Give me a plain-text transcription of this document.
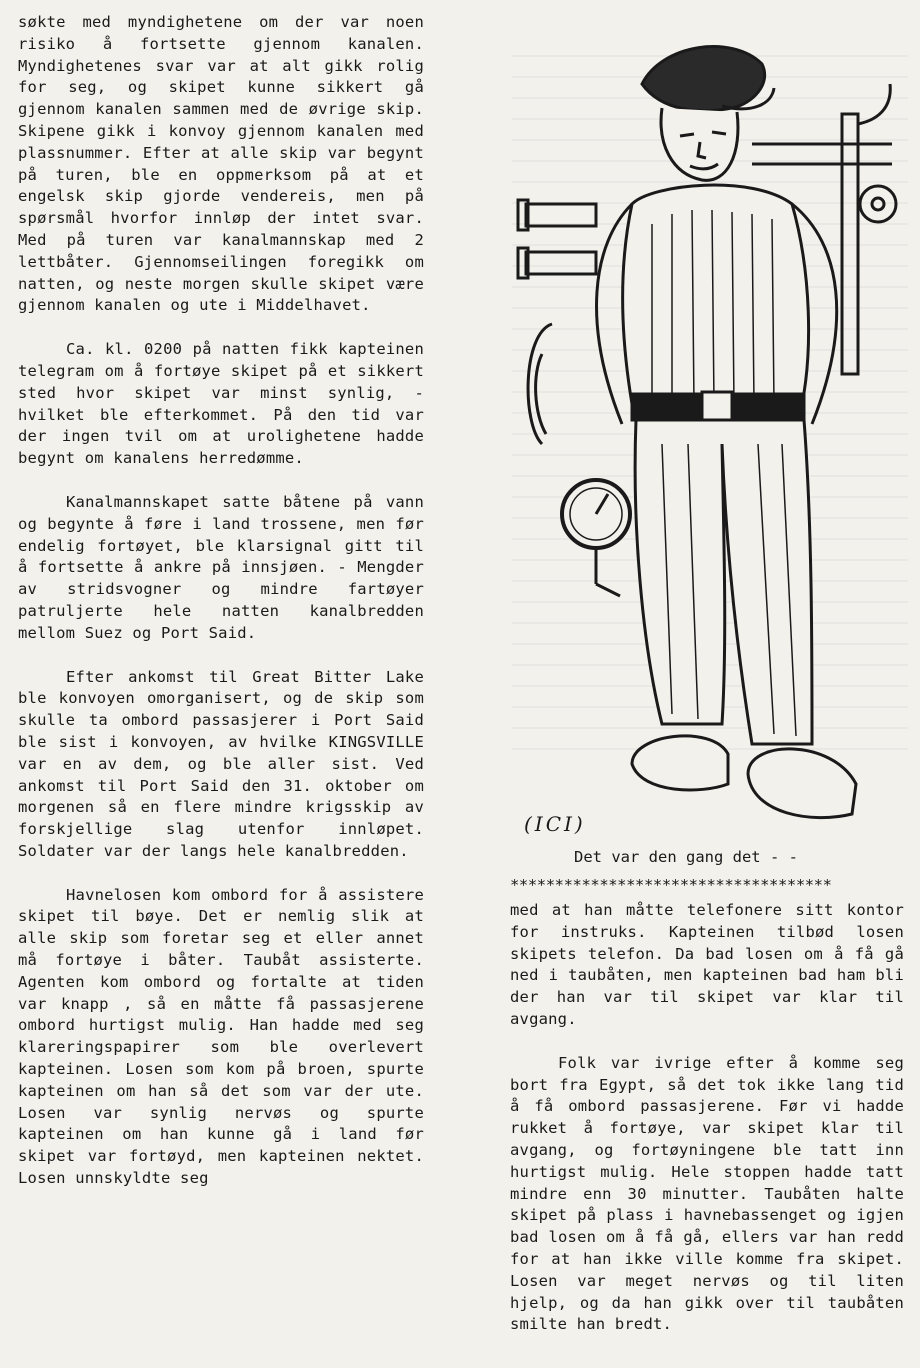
søkte med myndighetene om der var noen risiko å fortsette gjennom kanalen. Myndighetenes svar var at alt gikk rolig for seg, og skipet kunne sikkert gå gjennom kanalen sammen med de øvrige skip. Skipene gikk i konvoy gjennom kanalen med plassnummer. Efter at alle skip var begynt på turen, ble en oppmerksom på at et engelsk skip gjorde vendereis, men på spørsmål hvorfor innløp der intet svar. Med på turen var kanalmannskap med 2 lettbåter. Gjennomseilingen foregikk om natten, og neste morgen skulle skipet være gjennom kanalen og ute i Middelhavet.

Ca. kl. 0200 på natten fikk kapteinen telegram om å fortøye skipet på et sikkert sted hvor skipet var minst synlig, - hvilket ble efterkommet. På den tid var der ingen tvil om at urolighetene hadde begynt om kanalens herredømme.

Kanalmannskapet satte båtene på vann og begynte å føre i land trossene, men før endelig fortøyet, ble klarsignal gitt til å fortsette å ankre på innsjøen. - Mengder av stridsvogner og mindre fartøyer patruljerte hele natten kanalbredden mellom Suez og Port Said.

Efter ankomst til Great Bitter Lake ble konvoyen omorganisert, og de skip som skulle ta ombord passasjerer i Port Said ble sist i konvoyen, av hvilke KINGSVILLE var en av dem, og ble aller sist. Ved ankomst til Port Said den 31. oktober om morgenen så en flere mindre krigsskip av forskjellige slag utenfor innløpet. Soldater var der langs hele kanalbredden.

Havnelosen kom ombord for å assistere skipet til bøye. Det er nemlig slik at alle skip som foretar seg et eller annet må fortøye i båter. Taubåt assisterte. Agenten kom ombord og fortalte at tiden var knapp , så en måtte få passasjerene ombord hurtigst mulig. Han hadde med seg klareringspapirer som ble overlevert kapteinen. Losen som kom på broen, spurte kapteinen om han så det som var der ute. Losen var synlig nervøs og spurte kapteinen om han kunne gå i land før skipet var fortøyd, men kapteinen nektet. Losen unnskyldte seg

(ICI)
Det var den gang det - -
************************************

med at han måtte telefonere sitt kontor for instruks. Kapteinen tilbød losen skipets telefon. Da bad losen om å få gå ned i taubåten, men kapteinen bad ham bli der han var til skipet var klar til avgang.

Folk var ivrige efter å komme seg bort fra Egypt, så det tok ikke lang tid å få ombord passasjerene. Før vi hadde rukket å fortøye, var skipet klar til avgang, og fortøyningene ble tatt inn hurtigst mulig. Hele stoppen hadde tatt mindre enn 30 minutter. Taubåten halte skipet på plass i havnebassenget og igjen bad losen om å få gå, ellers var han redd for at han ikke ville komme fra skipet. Losen var meget nervøs og til liten hjelp, og da han gikk over til taubåten smilte han bredt.
